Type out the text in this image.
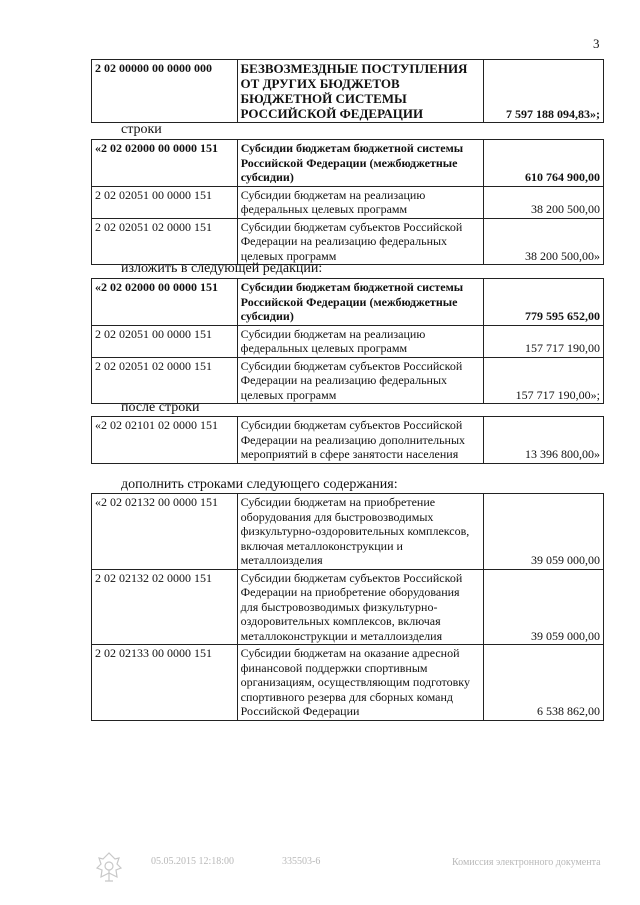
3
2 02 00000 00 0000 000	БЕЗВОЗМЕЗДНЫЕ ПОСТУПЛЕНИЯ ОТ ДРУГИХ БЮДЖЕТОВ БЮДЖЕТНОЙ СИСТЕМЫ РОССИЙСКОЙ ФЕДЕРАЦИИ	7 597 188 094,83»;
строки
«2 02 02000 00 0000 151	Субсидии бюджетам бюджетной системы Российской Федерации (межбюджетные субсидии)	610 764 900,00
2 02 02051 00 0000 151	Субсидии бюджетам на реализацию федеральных целевых программ	38 200 500,00
2 02 02051 02 0000 151	Субсидии бюджетам субъектов Российской Федерации на реализацию федеральных целевых программ	38 200 500,00»
изложить в следующей редакции:
«2 02 02000 00 0000 151	Субсидии бюджетам бюджетной системы Российской Федерации (межбюджетные субсидии)	779 595 652,00
2 02 02051 00 0000 151	Субсидии бюджетам на реализацию федеральных целевых программ	157 717 190,00
2 02 02051 02 0000 151	Субсидии бюджетам субъектов Российской Федерации на реализацию федеральных целевых программ	157 717 190,00»;
после строки
«2 02 02101 02 0000 151	Субсидии бюджетам субъектов Российской Федерации на реализацию дополнительных мероприятий в сфере занятости населения	13 396 800,00»
дополнить строками следующего содержания:
«2 02 02132 00 0000 151	Субсидии бюджетам на приобретение оборудования для быстровозводимых физкультурно-оздоровительных комплексов, включая металлоконструкции и металлоизделия	39 059 000,00
2 02 02132 02 0000 151	Субсидии бюджетам субъектов Российской Федерации на приобретение оборудования для быстровозводимых физкультурно-оздоровительных комплексов, включая металлоконструкции и металлоизделия	39 059 000,00
2 02 02133 00 0000 151	Субсидии бюджетам на оказание адресной финансовой поддержки спортивным организациям, осуществляющим подготовку спортивного резерва для сборных команд Российской Федерации	6 538 862,00
05.05.2015 12:18:00	335503-6	Комиссия электронного документа
